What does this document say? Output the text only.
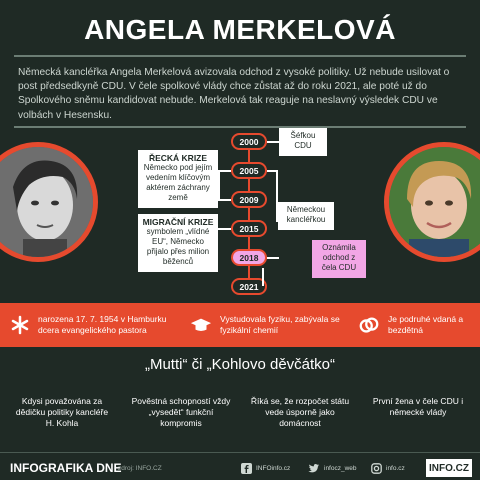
ANGELA MERKELOVÁ
Německá kancléřka Angela Merkelová avizovala odchod z vysoké politiky. Už nebude usilovat o post předsedkyně CDU. V čele spolkové vlády chce zůstat až do roku 2021, ale poté už do Spolkového sněmu kandidovat nebude. Merkelová tak reaguje na neslavný výsledek CDU ve volbách v Hesensku.
2000
2005
2009
2015
2018
2021
Šéfkou CDU
ŘECKÁ KRIZE
Německo pod jejím vedením klíčovým aktérem záchrany země
Německou kancléřkou
MIGRAČNÍ KRIZE
symbolem „vlídné EU“, Německo přijalo přes milion běženců
Oznámila odchod z čela CDU
narozena 17. 7. 1954 v Hamburku dcera evangelického pastora
Vystudovala fyziku, zabývala se fyzikální chemií
Je podruhé vdaná a bezdětná
„Mutti“ či „Kohlovo děvčátko“
Kdysi považována za dědičku politiky kancléře H. Kohla
Pověstná schopností vždy „vysedět“ funkční kompromis
Říká se, že rozpočet státu vede úsporně jako domácnost
První žena v čele CDU i německé vlády
INFOGRAFIKA DNE
zdroj: INFO.CZ	INFOinfo.cz	infocz_web	info.cz	INFO.CZ
